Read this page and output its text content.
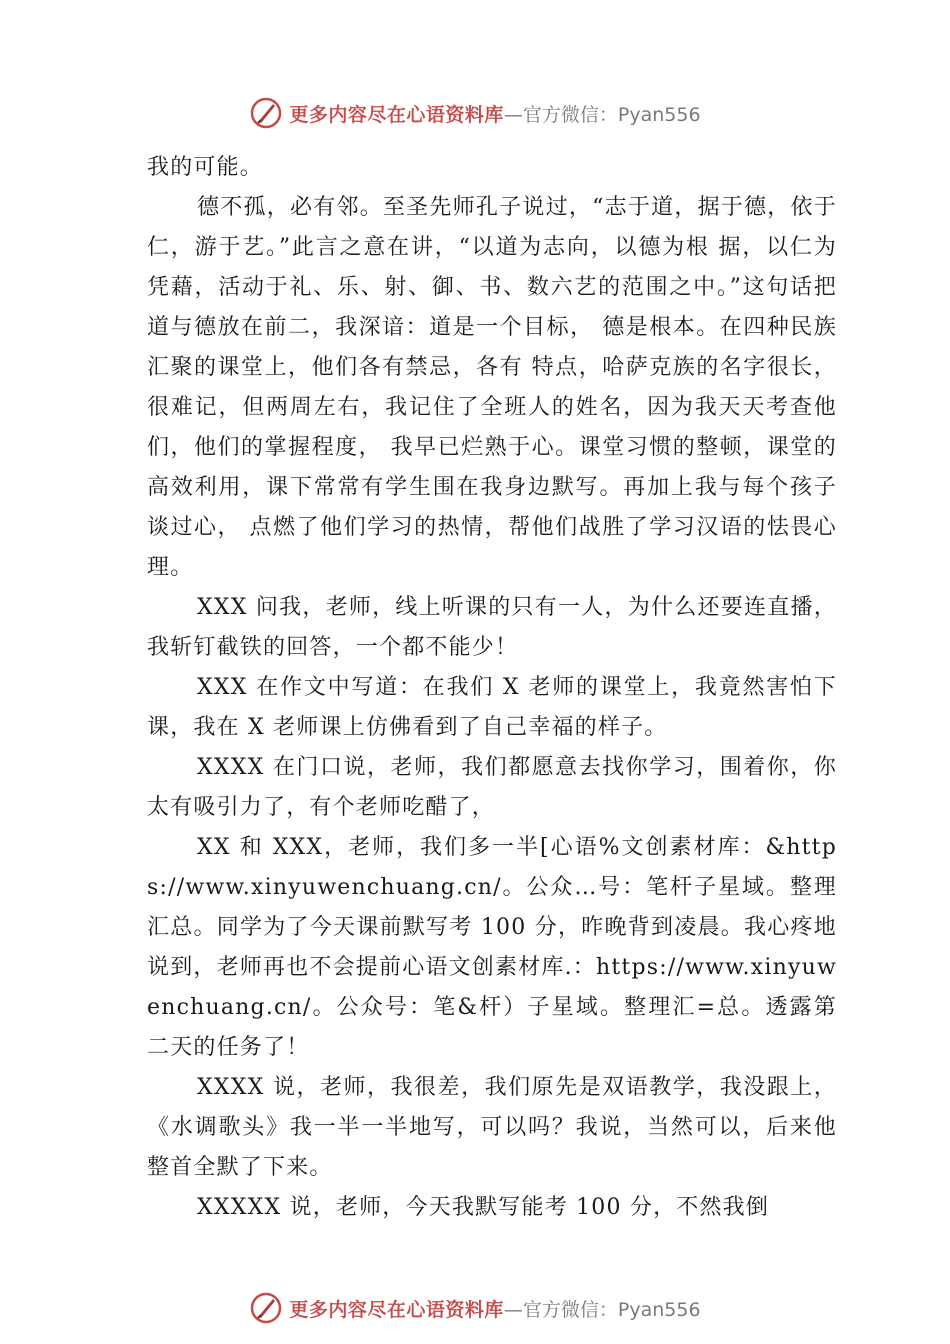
更多内容尽在心语资料库 —官方微信：Pyan556

我的可能。

德不孤，必有邻。至圣先师孔子说过，“志于道，据于德，依于仁，游于艺。”此言之意在讲，“以道为志向，以德为根 据，以仁为凭藉，活动于礼、乐、射、御、书、数六艺的范围之中。”这句话把道与德放在前二，我深谙：道是一个目标， 德是根本。在四种民族汇聚的课堂上，他们各有禁忌，各有 特点，哈萨克族的名字很长，很难记，但两周左右，我记住了全班人的姓名，因为我天天考查他们，他们的掌握程度， 我早已烂熟于心。课堂习惯的整顿，课堂的高效利用，课下常常有学生围在我身边默写。再加上我与每个孩子谈过心， 点燃了他们学习的热情，帮他们战胜了学习汉语的怯畏心理。

XXX 问我，老师，线上听课的只有一人，为什么还要连直播，我斩钉截铁的回答，一个都不能少！

XXX 在作文中写道：在我们 X 老师的课堂上，我竟然害怕下课，我在 X 老师课上仿佛看到了自己幸福的样子。

XXXX 在门口说，老师，我们都愿意去找你学习，围着你，你太有吸引力了，有个老师吃醋了，

XX 和 XXX，老师，我们多一半[心语%文创素材库：&https://www.xinyuwenchuang.cn/。公众…号：笔杆子星域。整理汇总。同学为了今天课前默写考 100 分，昨晚背到凌晨。我心疼地说到，老师再也不会提前心语文创素材库.：https://www.xinyuwenchuang.cn/。公众号：笔&杆）子星域。整理汇=总。透露第二天的任务了！

XXXX 说，老师，我很差，我们原先是双语教学，我没跟上，《水调歌头》我一半一半地写，可以吗？我说，当然可以，后来他整首全默了下来。

XXXXX 说，老师，今天我默写能考 100 分，不然我倒

更多内容尽在心语资料库 —官方微信：Pyan556
